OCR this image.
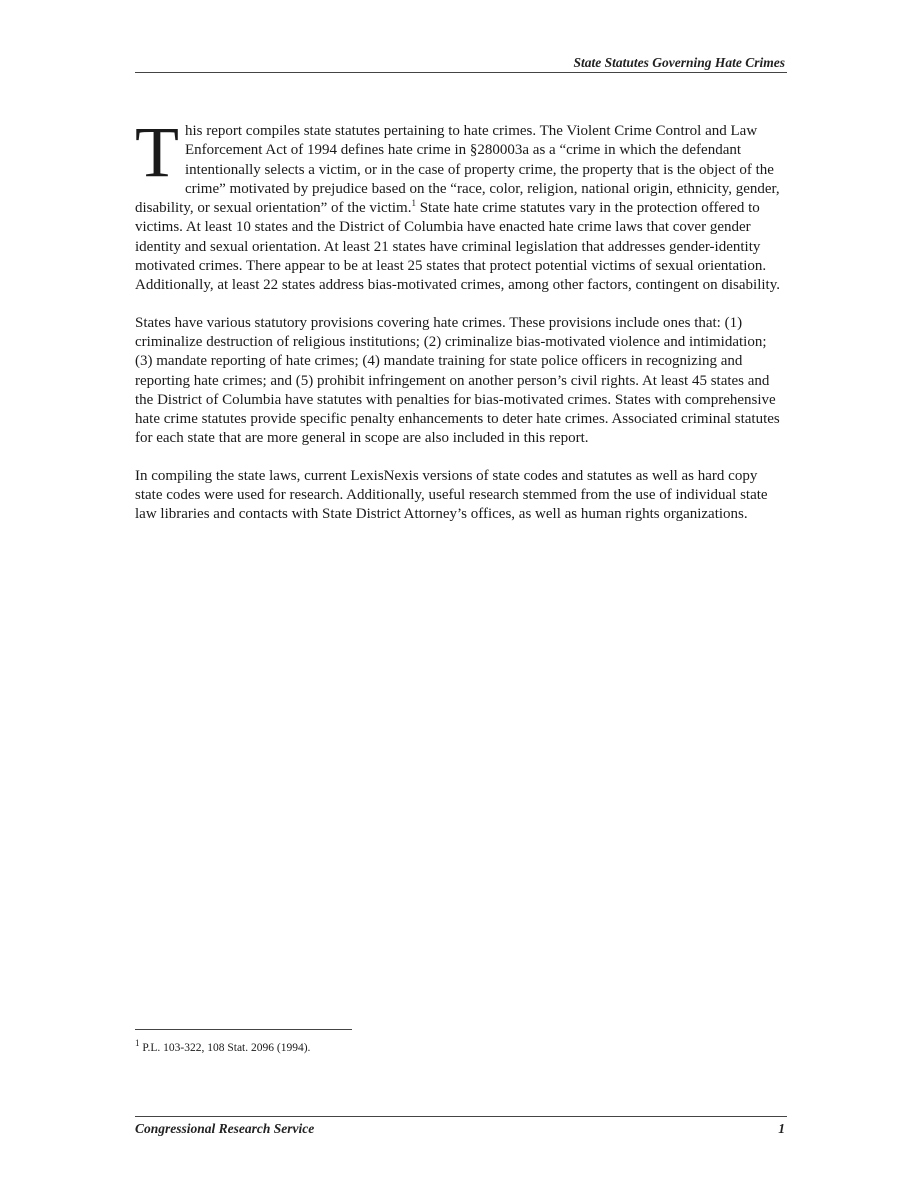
State Statutes Governing Hate Crimes

This report compiles state statutes pertaining to hate crimes. The Violent Crime Control and Law Enforcement Act of 1994 defines hate crime in §280003a as a “crime in which the defendant intentionally selects a victim, or in the case of property crime, the property that is the object of the crime” motivated by prejudice based on the “race, color, religion, national origin, ethnicity, gender, disability, or sexual orientation” of the victim.$^1$ State hate crime statutes vary in the protection offered to victims. At least 10 states and the District of Columbia have enacted hate crime laws that cover gender identity and sexual orientation. At least 21 states have criminal legislation that addresses gender-identity motivated crimes. There appear to be at least 25 states that protect potential victims of sexual orientation. Additionally, at least 22 states address bias-motivated crimes, among other factors, contingent on disability.

States have various statutory provisions covering hate crimes. These provisions include ones that: (1) criminalize destruction of religious institutions; (2) criminalize bias-motivated violence and intimidation; (3) mandate reporting of hate crimes; (4) mandate training for state police officers in recognizing and reporting hate crimes; and (5) prohibit infringement on another person’s civil rights. At least 45 states and the District of Columbia have statutes with penalties for bias-motivated crimes. States with comprehensive hate crime statutes provide specific penalty enhancements to deter hate crimes. Associated criminal statutes for each state that are more general in scope are also included in this report.

In compiling the state laws, current LexisNexis versions of state codes and statutes as well as hard copy state codes were used for research. Additionally, useful research stemmed from the use of individual state law libraries and contacts with State District Attorney’s offices, as well as human rights organizations.

$^1$ P.L. 103-322, 108 Stat. 2096 (1994).
Congressional Research Service	1
